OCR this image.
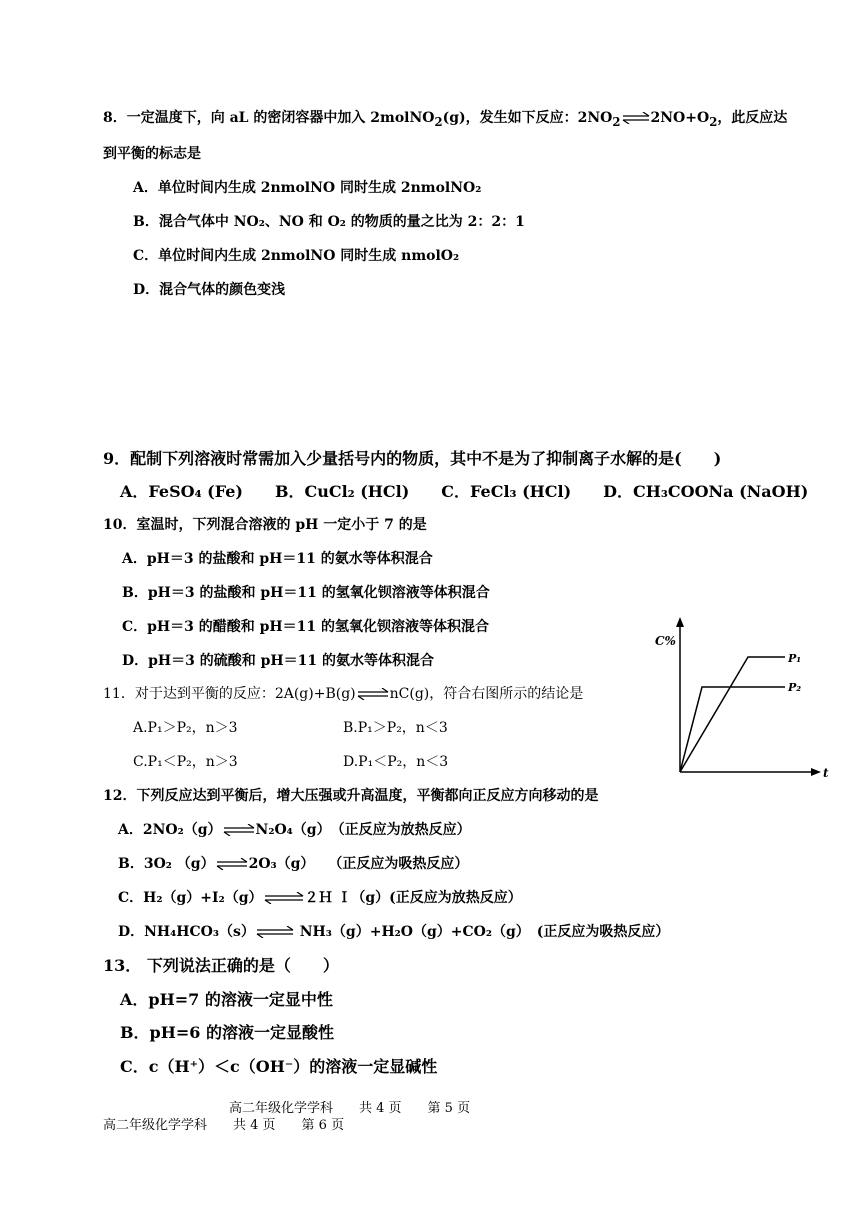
8．一定温度下，向 aL 的密闭容器中加入 2molNO$_2$(g)，发生如下反应：$2NO_2\rightleftharpoons 2NO+O_2$，此反应达
到平衡的标志是
A．单位时间内生成 2nmolNO 同时生成 2nmolNO₂
B．混合气体中 NO₂、NO 和 O₂ 的物质的量之比为 2：2：1
C．单位时间内生成 2nmolNO 同时生成 nmolO₂
D．混合气体的颜色变浅
9．配制下列溶液时常需加入少量括号内的物质，其中不是为了抑制离子水解的是(　　)
A．FeSO₄ (Fe)　　B．CuCl₂ (HCl)　　C．FeCl₃ (HCl)　　D．CH₃COONa (NaOH)
10．室温时，下列混合溶液的 pH 一定小于 7 的是
A．pH＝3 的盐酸和 pH＝11 的氨水等体积混合
B．pH＝3 的盐酸和 pH＝11 的氢氧化钡溶液等体积混合
C．pH＝3 的醋酸和 pH＝11 的氢氧化钡溶液等体积混合
D．pH＝3 的硫酸和 pH＝11 的氨水等体积混合
11．对于达到平衡的反应：2A(g)+B(g)⇌nC(g)，符合右图所示的结论是
A.P₁＞P₂，n＞3	B.P₁＞P₂，n＜3
C.P₁＜P₂，n＞3	D.P₁＜P₂，n＜3
C%
t
P₁
P₂
12．下列反应达到平衡后，增大压强或升高温度，平衡都向正反应方向移动的是
A．2NO₂（g）⇌N₂O₄（g）　（正反应为放热反应）
B．3O₂ （g）⇌2O₃（g）　　（正反应为吸热反应）
C．H₂（g）+I₂（g）⇌２Ｈ Ｉ（g）(正反应为放热反应）
D．NH₄HCO₃（s）⇌ NH₃（g）+H₂O（g）+CO₂（g）　(正反应为吸热反应）
13． 下列说法正确的是（　　）
A．pH=7 的溶液一定显中性
B．pH=6 的溶液一定显酸性
C．c（H⁺）＜c（OH⁻）的溶液一定显碱性
高二年级化学学科　　共 4 页　　第 5 页
高二年级化学学科　　共 4 页　　第 6 页
